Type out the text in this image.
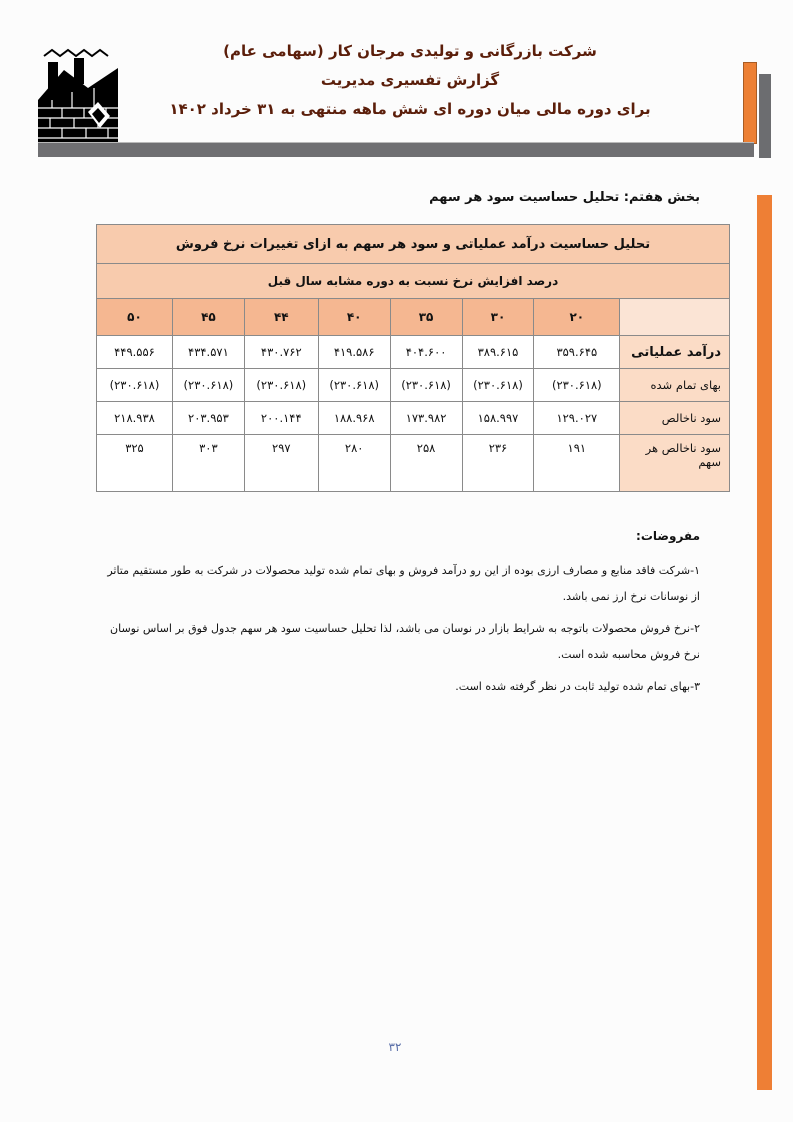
شرکت بازرگانی و تولیدی مرجان کار (سهامی عام)
گزارش تفسیری مدیریت
برای دوره مالی میان دوره ای شش ماهه منتهی به ۳۱ خرداد ۱۴۰۲
بخش هفتم: تحلیل حساسیت سود هر سهم
تحلیل حساسیت درآمد عملیاتی و سود هر سهم به ازای تغییرات نرخ فروش							
درصد افزایش نرخ نسبت به دوره مشابه سال قبل							
	۲۰	۳۰	۳۵	۴۰	۴۴	۴۵	۵۰
درآمد عملیاتی	۳۵۹.۶۴۵	۳۸۹.۶۱۵	۴۰۴.۶۰۰	۴۱۹.۵۸۶	۴۳۰.۷۶۲	۴۳۴.۵۷۱	۴۴۹.۵۵۶
بهای تمام شده	(۲۳۰.۶۱۸)	(۲۳۰.۶۱۸)	(۲۳۰.۶۱۸)	(۲۳۰.۶۱۸)	(۲۳۰.۶۱۸)	(۲۳۰.۶۱۸)	(۲۳۰.۶۱۸)
سود ناخالص	۱۲۹.۰۲۷	۱۵۸.۹۹۷	۱۷۳.۹۸۲	۱۸۸.۹۶۸	۲۰۰.۱۴۴	۲۰۳.۹۵۳	۲۱۸.۹۳۸
سود ناخالص هر سهم	۱۹۱	۲۳۶	۲۵۸	۲۸۰	۲۹۷	۳۰۳	۳۲۵
مفروضات:
۱-شرکت فاقد منابع و مصارف ارزی بوده از این رو درآمد فروش و بهای تمام شده تولید محصولات در شرکت به طور مستقیم متاثر از نوسانات نرخ ارز نمی باشد.
۲-نرخ فروش محصولات باتوجه به شرایط بازار در نوسان می باشد، لذا تحلیل حساسیت سود هر سهم جدول فوق بر اساس نوسان نرخ فروش محاسبه شده است.
۳-بهای تمام شده تولید ثابت در نظر گرفته شده است.
۳۲
